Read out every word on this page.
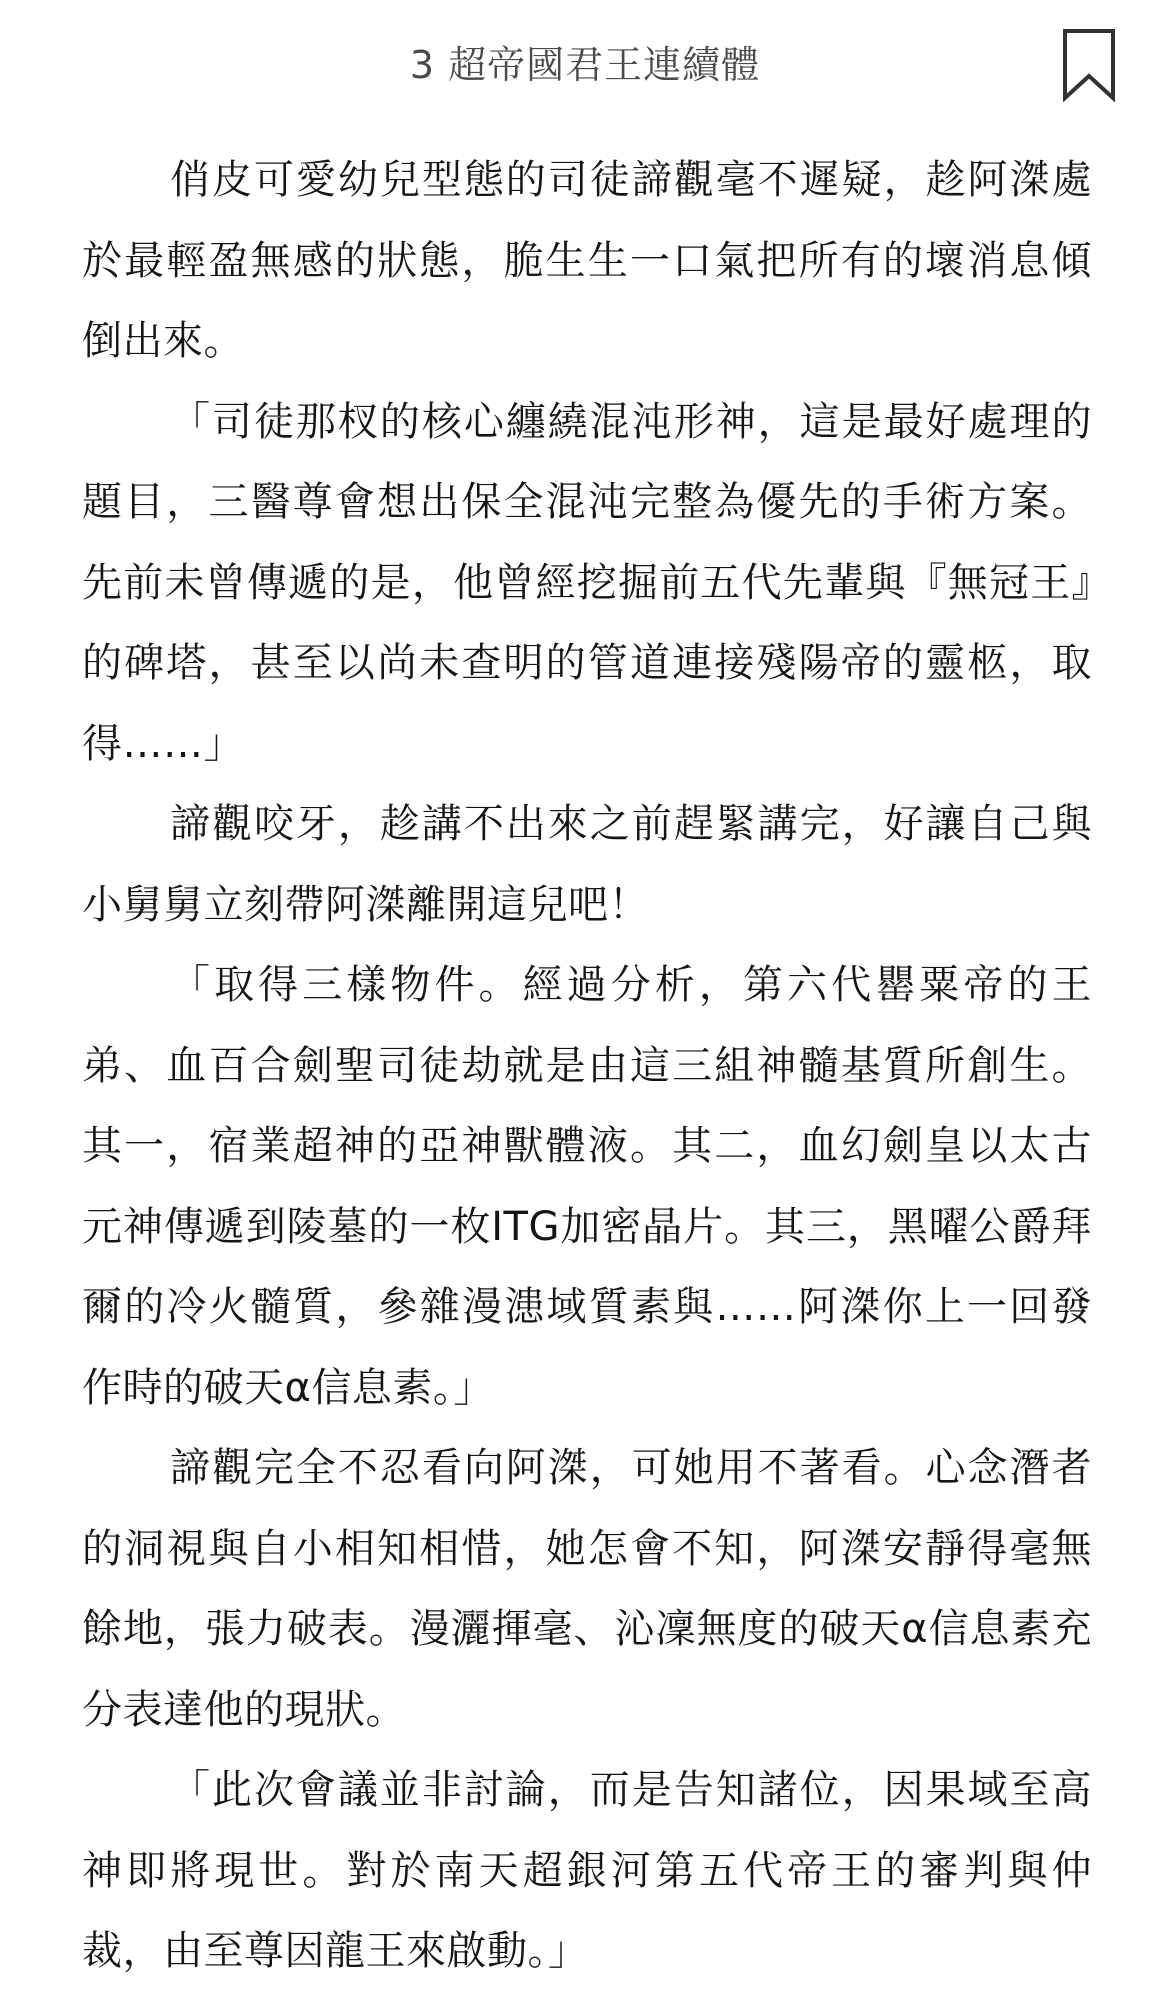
3 超帝國君王連續體

俏皮可愛幼兒型態的司徒諦觀毫不遲疑，趁阿滐處於最輕盈無感的狀態，脆生生一口氣把所有的壞消息傾倒出來。

「司徒那杈的核心纏繞混沌形神，這是最好處理的題目，三醫尊會想出保全混沌完整為優先的手術方案。先前未曾傳遞的是，他曾經挖掘前五代先輩與『無冠王』的碑塔，甚至以尚未查明的管道連接殘陽帝的靈柩，取得……」

諦觀咬牙，趁講不出來之前趕緊講完，好讓自己與小舅舅立刻帶阿滐離開這兒吧！

「取得三樣物件。經過分析，第六代罌粟帝的王弟、血百合劍聖司徒劫就是由這三組神髓基質所創生。其一，宿業超神的亞神獸體液。其二，血幻劍皇以太古元神傳遞到陵墓的一枚ITG加密晶片。其三，黑曜公爵拜爾的冷火髓質，參雜漫漶域質素與……阿滐你上一回發作時的破天α信息素。」

諦觀完全不忍看向阿滐，可她用不著看。心念潛者的洞視與自小相知相惜，她怎會不知，阿滐安靜得毫無餘地，張力破表。漫灑揮毫、沁凜無度的破天α信息素充分表達他的現狀。

「此次會議並非討論，而是告知諸位，因果域至高神即將現世。對於南天超銀河第五代帝王的審判與仲裁，由至尊因龍王來啟動。」
